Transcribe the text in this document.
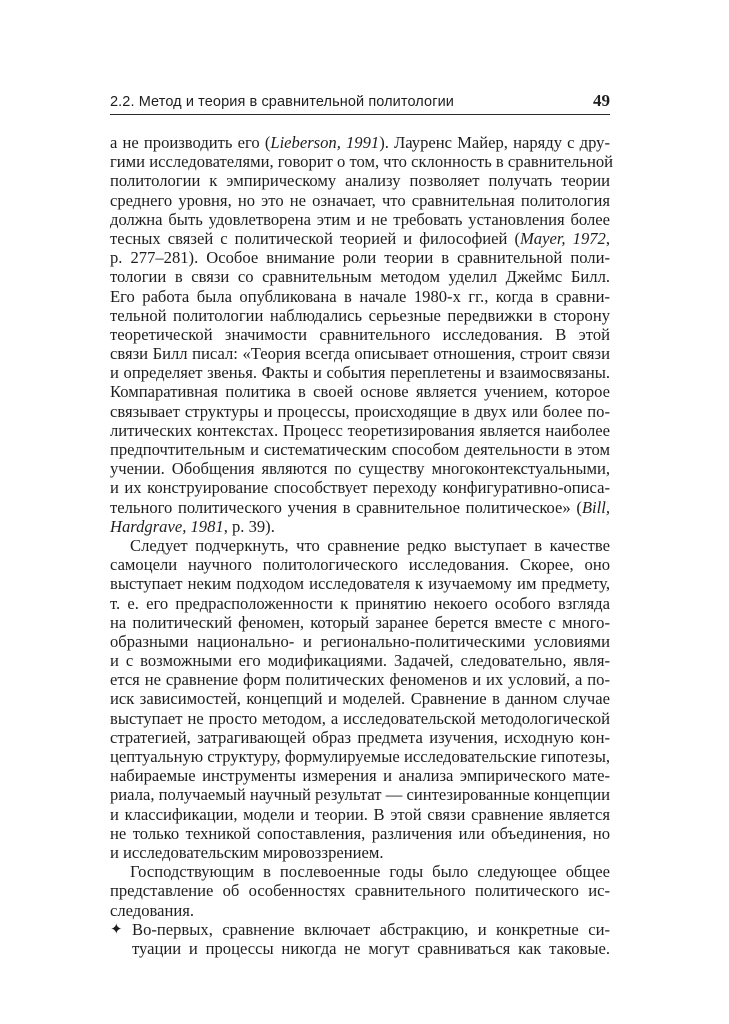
2.2. Метод и теория в сравнительной политологии	49

а не производить его (Lieberson, 1991). Лауренс Майер, наряду с дру-
гими исследователями, говорит о том, что склонность в сравнительной
политологии к эмпирическому анализу позволяет получать теории
среднего уровня, но это не означает, что сравнительная политология
должна быть удовлетворена этим и не требовать установления более
тесных связей с политической теорией и философией (Mayer, 1972,
p. 277–281). Особое внимание роли теории в сравнительной поли-
тологии в связи со сравнительным методом уделил Джеймс Билл.
Его работа была опубликована в начале 1980-х гг., когда в сравни-
тельной политологии наблюдались серьезные передвижки в сторону
теоретической значимости сравнительного исследования. В этой
связи Билл писал: «Теория всегда описывает отношения, строит связи
и определяет звенья. Факты и события переплетены и взаимосвязаны.
Компаративная политика в своей основе является учением, которое
связывает структуры и процессы, происходящие в двух или более по-
литических контекстах. Процесс теоретизирования является наиболее
предпочтительным и систематическим способом деятельности в этом
учении. Обобщения являются по существу многоконтекстуальными,
и их конструирование способствует переходу конфигуративно-описа-
тельного политического учения в сравнительное политическое» (Bill,
Hardgrave, 1981, p. 39).

Следует подчеркнуть, что сравнение редко выступает в качестве
самоцели научного политологического исследования. Скорее, оно
выступает неким подходом исследователя к изучаемому им предмету,
т. е. его предрасположенности к принятию некоего особого взгляда
на политический феномен, который заранее берется вместе с много-
образными национально- и регионально-политическими условиями
и с возможными его модификациями. Задачей, следовательно, явля-
ется не сравнение форм политических феноменов и их условий, а по-
иск зависимостей, концепций и моделей. Сравнение в данном случае
выступает не просто методом, а исследовательской методологической
стратегией, затрагивающей образ предмета изучения, исходную кон-
цептуальную структуру, формулируемые исследовательские гипотезы,
набираемые инструменты измерения и анализа эмпирического мате-
риала, получаемый научный результат — синтезированные концепции
и классификации, модели и теории. В этой связи сравнение является
не только техникой сопоставления, различения или объединения, но
и исследовательским мировоззрением.

Господствующим в послевоенные годы было следующее общее
представление об особенностях сравнительного политического ис-
следования.

✦ Во-первых, сравнение включает абстракцию, и конкретные си-
туации и процессы никогда не могут сравниваться как таковые.
